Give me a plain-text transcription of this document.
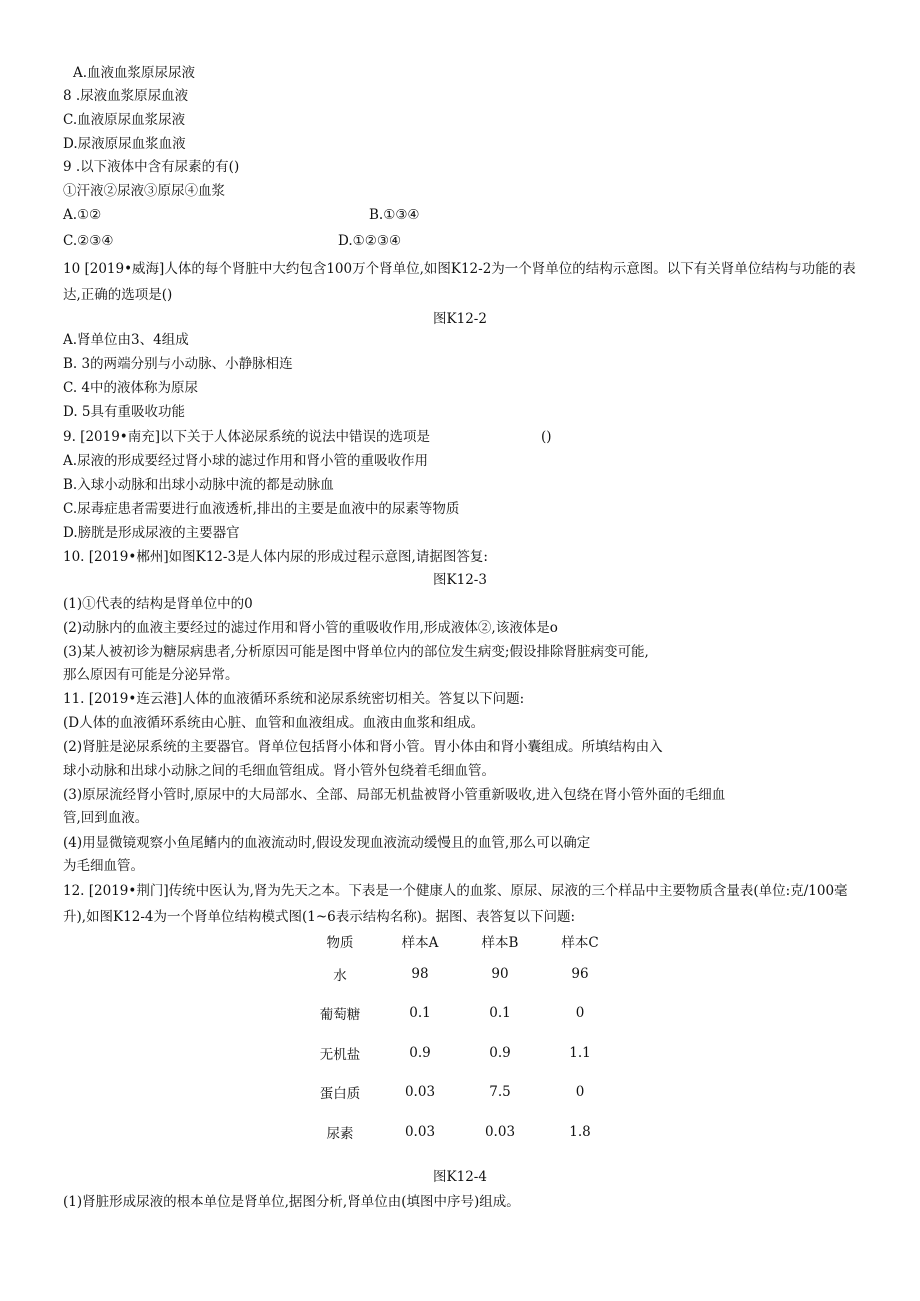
A.血液血浆原尿尿液
8 .尿液血浆原尿血液
C.血液原尿血浆尿液
D.尿液原尿血浆血液
9 .以下液体中含有尿素的有()
①汗液②尿液③原尿④血浆
A.①②	B.①③④
C.②③④	D.①②③④
10 [2019•威海]人体的每个肾脏中大约包含100万个肾单位,如图K12-2为一个肾单位的结构示意图。以下有关肾单位结构与功能的表达,正确的选项是()
图K12-2
A.肾单位由3、4组成
B. 3的两端分别与小动脉、小静脉相连
C. 4中的液体称为原尿
D. 5具有重吸收功能
9. [2019•南充]以下关于人体泌尿系统的说法中错误的选项是	()
A.尿液的形成要经过肾小球的滤过作用和肾小管的重吸收作用
B.入球小动脉和出球小动脉中流的都是动脉血
C.尿毒症患者需要进行血液透析,排出的主要是血液中的尿素等物质
D.膀胱是形成尿液的主要器官
10. [2019•郴州]如图K12-3是人体内尿的形成过程示意图,请据图答复:
图K12-3
(1)①代表的结构是肾单位中的0
(2)动脉内的血液主要经过的滤过作用和肾小管的重吸收作用,形成液体②,该液体是o
(3)某人被初诊为糖尿病患者,分析原因可能是图中肾单位内的部位发生病变;假设排除肾脏病变可能,
那么原因有可能是分泌异常。
11. [2019•连云港]人体的血液循环系统和泌尿系统密切相关。答复以下问题:
(D人体的血液循环系统由心脏、血管和血液组成。血液由血浆和组成。
(2)肾脏是泌尿系统的主要器官。肾单位包括肾小体和肾小管。胃小体由和肾小囊组成。所填结构由入
球小动脉和出球小动脉之间的毛细血管组成。肾小管外包绕着毛细血管。
(3)原尿流经肾小管时,原尿中的大局部水、全部、局部无机盐被肾小管重新吸收,进入包绕在肾小管外面的毛细血
管,回到血液。
(4)用显微镜观察小鱼尾鳍内的血液流动时,假设发现血液流动缓慢且的血管,那么可以确定
为毛细血管。
12. [2019•荆门]传统中医认为,肾为先天之本。下表是一个健康人的血浆、原尿、尿液的三个样品中主要物质含量表(单位:克/100毫升),如图K12-4为一个肾单位结构模式图(1~6表示结构名称)。据图、表答复以下问题:
物质	样本A	样本B	样本C
水	98	90	96
葡萄糖	0.1	0.1	0
无机盐	0.9	0.9	1.1
蛋白质	0.03	7.5	0
尿素	0.03	0.03	1.8
图K12-4
(1)肾脏形成尿液的根本单位是肾单位,据图分析,肾单位由(填图中序号)组成。
